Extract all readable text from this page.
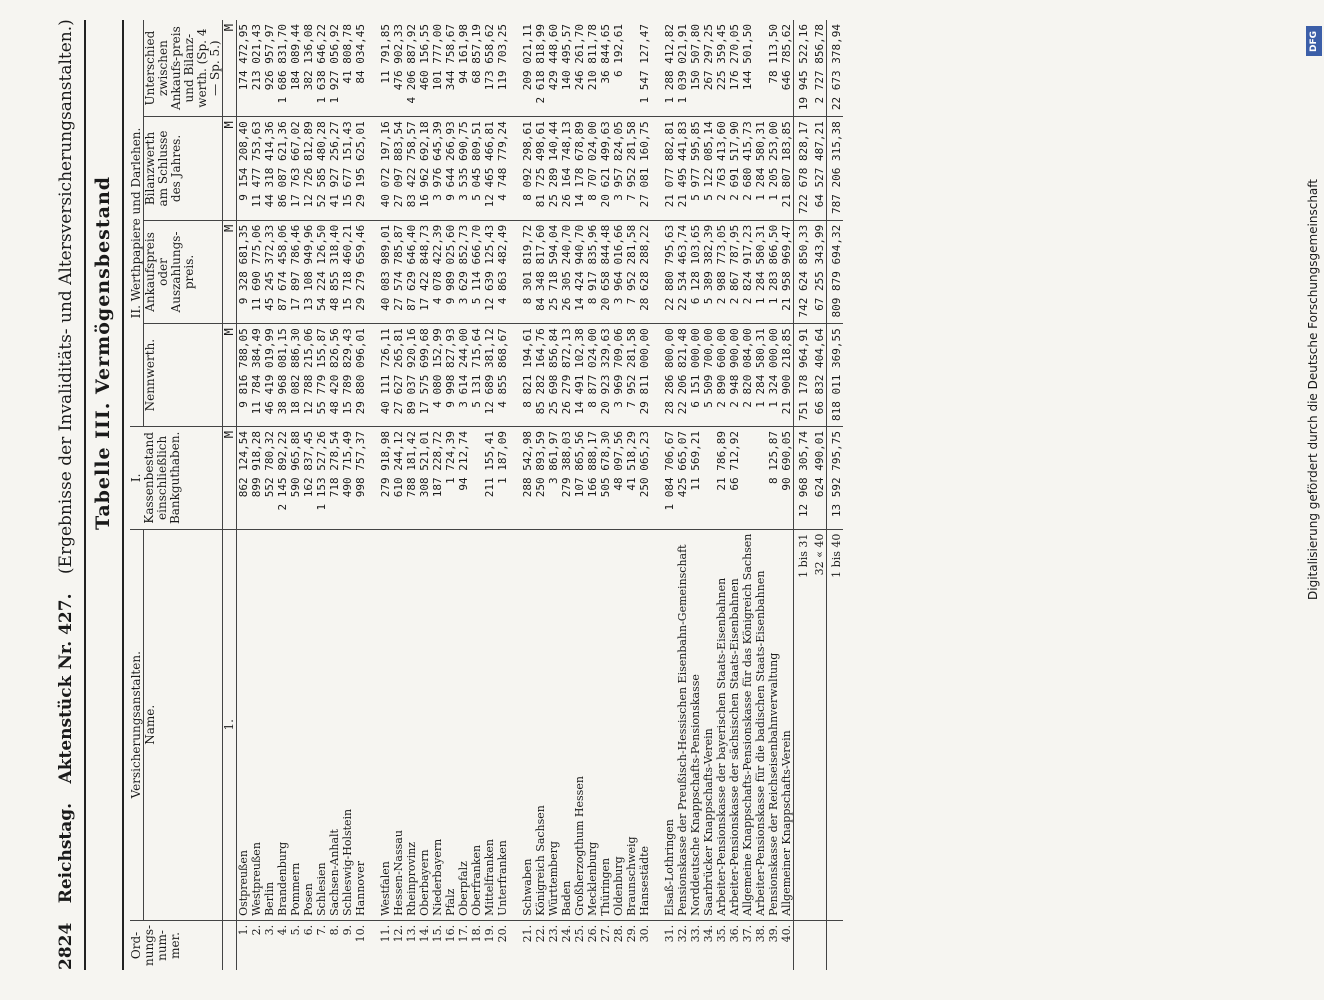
2824 Reichstag. Aktenstück Nr. 427. (Ergebnisse der Invaliditäts- und Altersversicherungsanstalten.) Tabelle III. Vermögensbestand
Ord-nungs-num-mer.	Versicherungsanstalten.	I. Kassenbestand einschließlich Bankguthaben.	II. Werthpapiere und Darlehen.			
	Name.		Nennwerth.	Ankaufspreis oder Auszahlungs-preis.	Bilanzwerth am Schlusse des Jahres.	Unterschied zwischen Ankaufs-preis und Bilanz-werth. (Sp. 4 — Sp. 5.)
	1.	M	M	M	M	M
1.	Ostpreußen	862 124,54	9 816 788,05	9 328 681,35	9 154 208,40	174 472,95
2.	Westpreußen	899 918,28	11 784 384,49	11 690 775,06	11 477 753,63	213 021,43
3.	Berlin	552 780,32	46 419 019,99	45 245 372,33	44 318 414,36	926 957,97
4.	Brandenburg	2 145 892,22	38 968 081,15	87 674 458,06	86 087 621,36	1 686 831,70
5.	Pommern	590 965,88	18 082 886,30	17 897 786,46	17 763 667,02	184 089,44
6.	Posen	162 837,45	12 788 215,06	13 108 949,96	12 726 812,89	382 136,08
7.	Schlesien	1 153 527,26	55 779 155,87	54 224 126,50	52 585 480,28	1 638 646,22
8.	Sachsen-Anhalt	718 278,54	48 420 826,56	48 855 318,40	41 927 256,27	1 927 056,92
9.	Schleswig-Holstein	490 715,49	15 789 829,43	15 718 460,21	15 677 151,43	41 808,78
10.	Hannover	998 757,37	29 880 096,01	29 279 659,46	29 195 625,01	84 034,45

11.	Westfalen	279 918,98	40 111 726,11	40 083 989,01	40 072 197,16	11 791,85
12.	Hessen-Nassau	610 244,12	27 627 265,81	27 574 785,87	27 097 883,54	476 902,33
13.	Rheinprovinz	788 181,42	89 037 920,16	87 629 646,40	83 422 758,57	4 206 887,92
14.	Oberbayern	308 521,01	17 575 699,68	17 422 848,73	16 962 692,18	460 156,55
15.	Niederbayern	187 228,72	4 080 152,99	4 078 422,39	3 976 645,39	101 777,00
16.	Pfalz	1 724,39	9 998 827,93	9 989 025,60	9 644 266,93	344 758,67
17.	Oberpfalz	94 212,74	3 614 244,00	3 629 852,73	3 535 690,75	94 161,98
18.	Oberfranken		5 131 715,64	5 114 666,70	5 045 809,51	68 857,19
19.	Mittelfranken	211 155,41	12 689 381,12	12 639 125,43	12 465 466,81	173 658,62
20.	Unterfranken	1 187,09	4 855 868,67	4 863 482,49	4 748 779,24	119 703,25

21.	Schwaben	288 542,98	8 821 194,61	8 301 819,72	8 092 298,61	209 021,11
22.	Königreich Sachsen	250 893,59	85 282 164,76	84 348 817,60	81 725 498,61	2 618 818,99
23.	Württemberg	3 861,97	25 698 856,84	25 718 594,04	25 289 140,44	429 448,60
24.	Baden	279 388,03	26 279 872,13	26 305 240,70	26 164 748,13	140 495,57
25.	Großherzogthum Hessen	107 865,56	14 491 102,38	14 424 940,70	14 178 678,89	246 261,70
26.	Mecklenburg	166 888,17	8 877 024,00	8 917 835,96	8 707 024,00	210 811,78
27.	Thüringen	505 678,30	20 923 329,63	20 658 844,48	20 621 499,63	36 844,65
28.	Oldenburg	48 097,56	3 969 709,06	3 964 016,66	3 957 824,05	6 192,61
29.	Braunschweig	41 518,29	7 952 281,58	7 952 281,58	7 952 281,58	
30.	Hansestädte	250 065,23	29 811 000,00	28 628 288,22	27 081 160,75	1 547 127,47

31.	Elsaß-Lothringen	1 084 706,67	28 286 800,00	22 880 795,63	21 077 882,81	1 288 412,82
32.	Pensionskasse der Preußisch-Hessischen Eisenbahn-Gemeinschaft	425 665,07	22 206 821,48	22 534 463,74	21 495 441,83	1 039 021,91
33.	Norddeutsche Knappschafts-Pensionskasse	11 569,21	6 151 000,00	6 128 103,65	5 977 595,85	150 507,80
34.	Saarbrücker Knappschafts-Verein		5 509 700,00	5 389 382,39	5 122 085,14	267 297,25
35.	Arbeiter-Pensionskasse der bayerischen Staats-Eisenbahnen	21 786,89	2 890 600,00	2 988 773,05	2 763 413,60	225 359,45
36.	Arbeiter-Pensionskasse der sächsischen Staats-Eisenbahnen	66 712,92	2 948 900,00	2 867 787,95	2 691 517,90	176 270,05
37.	Allgemeine Knappschafts-Pensionskasse für das Königreich Sachsen		2 820 084,00	2 824 917,23	2 680 415,73	144 501,50
38.	Arbeiter-Pensionskasse für die badischen Staats-Eisenbahnen		1 284 580,31	1 284 580,31	1 284 580,31	
39.	Pensionskasse der Reichseisenbahnverwaltung	8 125,87	1 324 000,00	1 283 866,50	1 205 253,00	78 113,50
40.	Allgemeiner Knappschafts-Verein	90 690,05	21 900 218,85	21 958 969,47	21 807 183,85	646 785,62
	1 bis 31	12 968 305,74	751 178 964,91	742 624 850,33	722 678 828,17	19 945 522,16
	32 « 40	624 490,01	66 832 404,64	67 255 343,99	64 527 487,21	2 727 856,78
	1 bis 40	13 592 795,75	818 011 369,55	809 879 694,32	787 206 315,38	22 673 378,94	DFG
Digitalisierung gefördert durch die Deutsche Forschungsgemeinschaft
